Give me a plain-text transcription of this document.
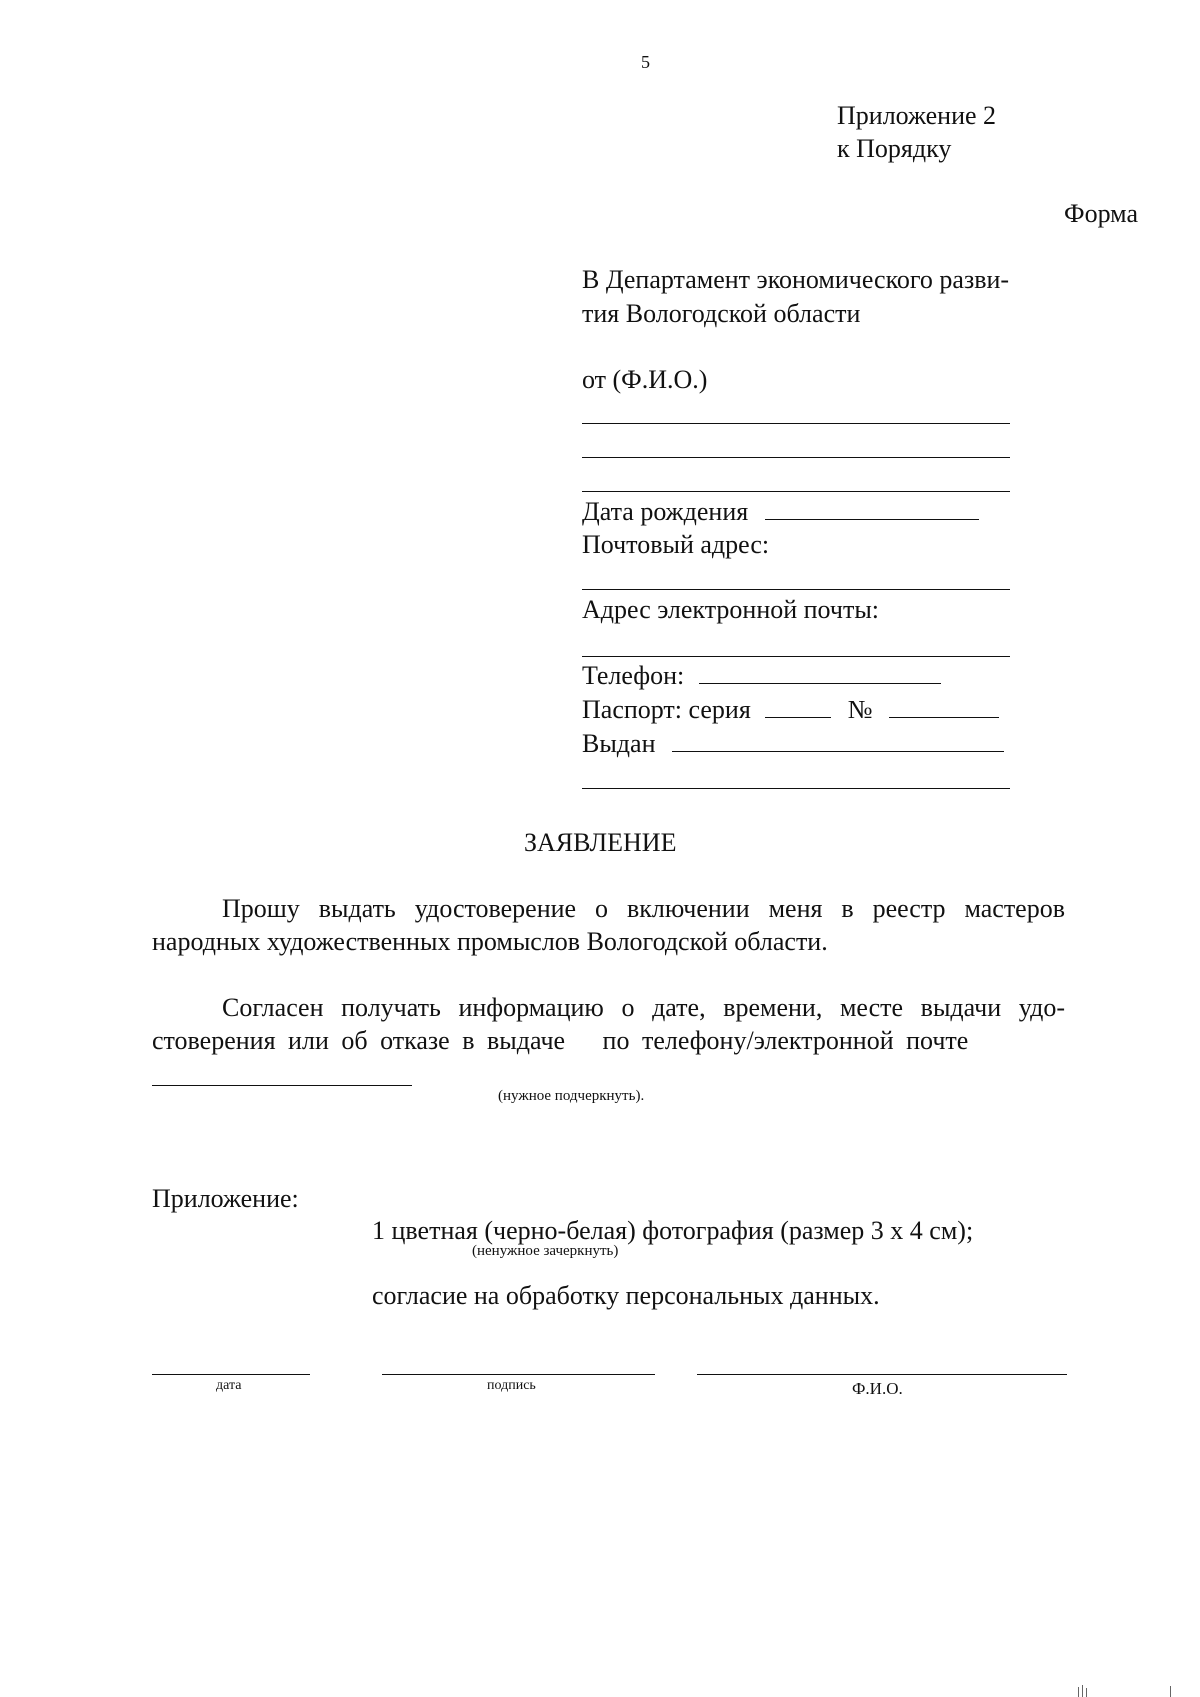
5
Приложение 2
к Порядку
Форма
В Департамент экономического разви-
тия Вологодской области
от (Ф.И.О.)
Дата рождения
Почтовый адрес:
Адрес электронной почты:
Телефон:
Паспорт: серия	№
Выдан
ЗАЯВЛЕНИЕ
Прошу выдать удостоверение о включении меня в реестр мастеров
народных художественных промыслов Вологодской области.
Согласен получать информацию о дате, времени, месте выдачи удо-
стоверения или об отказе в выдаче   по телефону/электронной почте
(нужное подчеркнуть).
Приложение:
1 цветная (черно-белая) фотография (размер 3 х 4 см);
(ненужное зачеркнуть)
согласие на обработку персональных данных.
дата	подпись	Ф.И.О.
